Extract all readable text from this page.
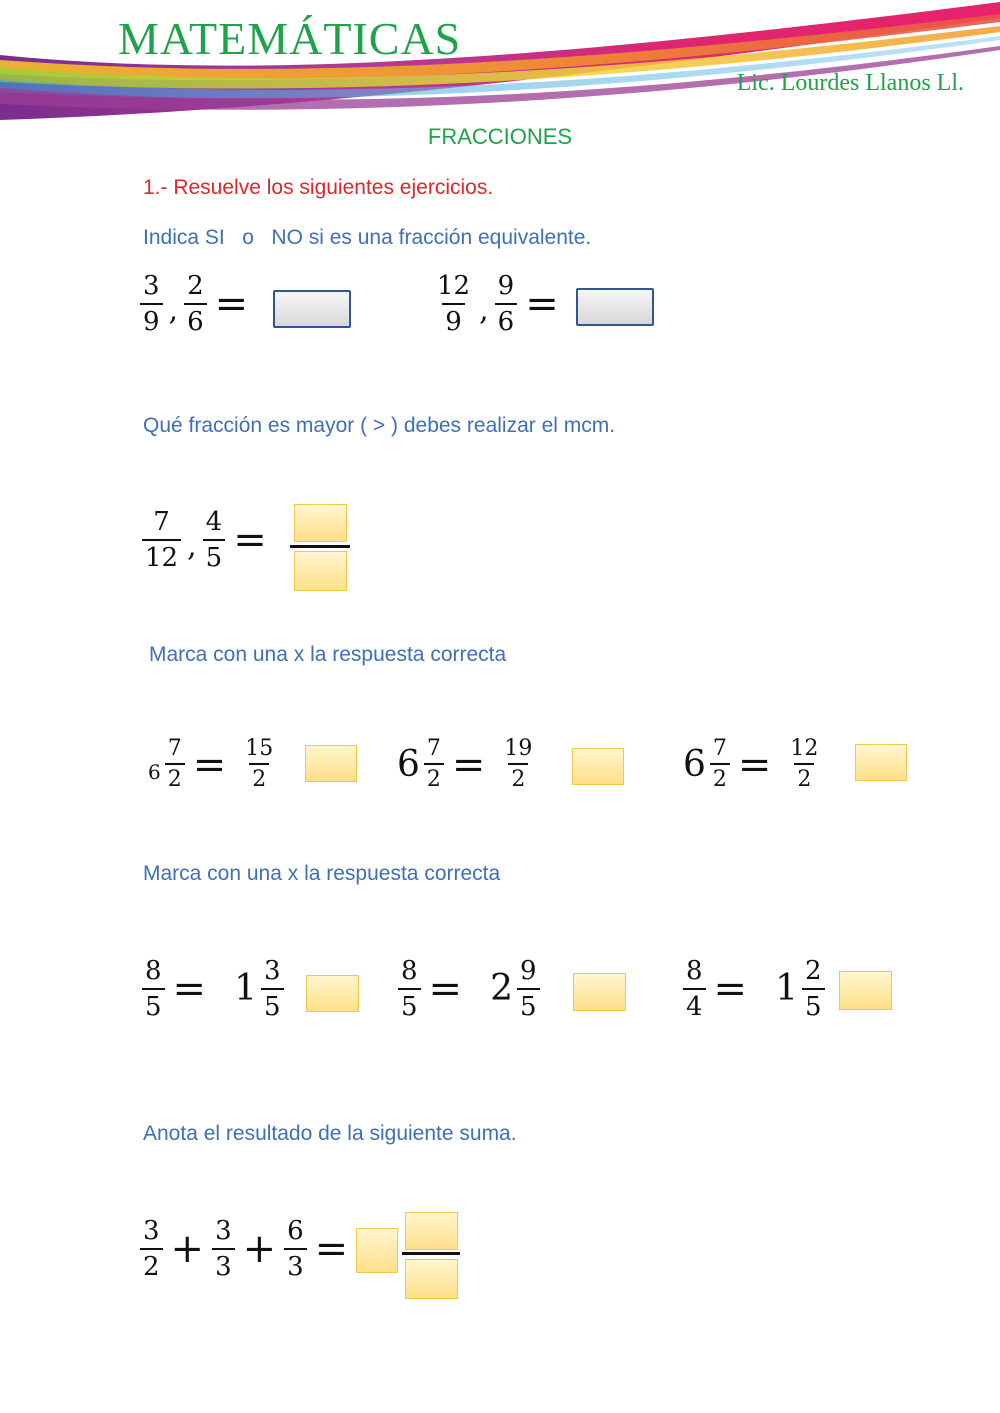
MATEMÁTICAS
Lic. Lourdes Llanos Ll.
FRACCIONES
1.- Resuelve los siguientes ejercicios.
Indica SI   o   NO si es una fracción equivalente.
$\frac{3}{9}$ , $\frac{2}{6}$ =	$\frac{12}{9}$ , $\frac{9}{6}$ =
Qué fracción es mayor ( > ) debes realizar el mcm.
$\frac{7}{12}$ , $\frac{4}{5}$ =
Marca con una x la respuesta correcta
$6 \frac{7}{2} = \frac{15}{2}$	$6 \frac{7}{2} = \frac{19}{2}$	$6 \frac{7}{2} = \frac{12}{2}$
Marca con una x la respuesta correcta
$\frac{8}{5} = 1 \frac{3}{5}$	$\frac{8}{5} = 2 \frac{9}{5}$	$\frac{8}{4} = 1 \frac{2}{5}$
Anota el resultado de la siguiente suma.
$\frac{3}{2} + \frac{3}{3} + \frac{6}{3}$ =
